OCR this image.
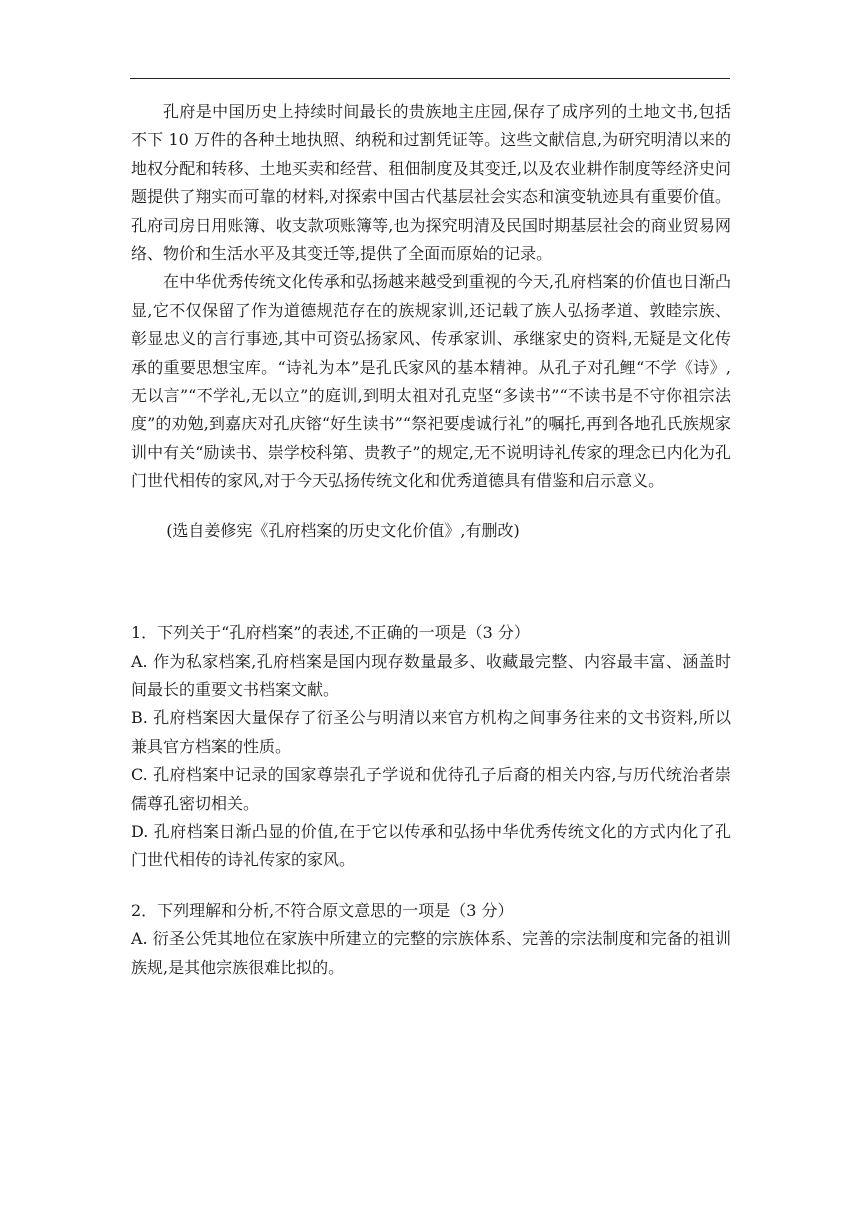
孔府是中国历史上持续时间最长的贵族地主庄园,保存了成序列的土地文书,包括不下 10 万件的各种土地执照、纳税和过割凭证等。这些文献信息,为研究明清以来的地权分配和转移、土地买卖和经营、租佃制度及其变迁,以及农业耕作制度等经济史问题提供了翔实而可靠的材料,对探索中国古代基层社会实态和演变轨迹具有重要价值。孔府司房日用账簿、收支款项账簿等,也为探究明清及民国时期基层社会的商业贸易网络、物价和生活水平及其变迁等,提供了全面而原始的记录。

在中华优秀传统文化传承和弘扬越来越受到重视的今天,孔府档案的价值也日渐凸显,它不仅保留了作为道德规范存在的族规家训,还记载了族人弘扬孝道、敦睦宗族、彰显忠义的言行事迹,其中可资弘扬家风、传承家训、承继家史的资料,无疑是文化传承的重要思想宝库。“诗礼为本”是孔氏家风的基本精神。从孔子对孔鲤“不学《诗》,无以言”“不学礼,无以立”的庭训,到明太祖对孔克坚“多读书”“不读书是不守你祖宗法度”的劝勉,到嘉庆对孔庆镕“好生读书”“祭祀要虔诚行礼”的嘱托,再到各地孔氏族规家训中有关“励读书、崇学校科第、贵教子”的规定,无不说明诗礼传家的理念已内化为孔门世代相传的家风,对于今天弘扬传统文化和优秀道德具有借鉴和启示意义。

(选自姜修宪《孔府档案的历史文化价值》,有删改)

1．下列关于“孔府档案”的表述,不正确的一项是（3 分）

A. 作为私家档案,孔府档案是国内现存数量最多、收藏最完整、内容最丰富、涵盖时间最长的重要文书档案文献。

B. 孔府档案因大量保存了衍圣公与明清以来官方机构之间事务往来的文书资料,所以兼具官方档案的性质。

C. 孔府档案中记录的国家尊崇孔子学说和优待孔子后裔的相关内容,与历代统治者崇儒尊孔密切相关。

D. 孔府档案日渐凸显的价值,在于它以传承和弘扬中华优秀传统文化的方式内化了孔门世代相传的诗礼传家的家风。

2．下列理解和分析,不符合原文意思的一项是（3 分）

A. 衍圣公凭其地位在家族中所建立的完整的宗族体系、完善的宗法制度和完备的祖训族规,是其他宗族很难比拟的。
